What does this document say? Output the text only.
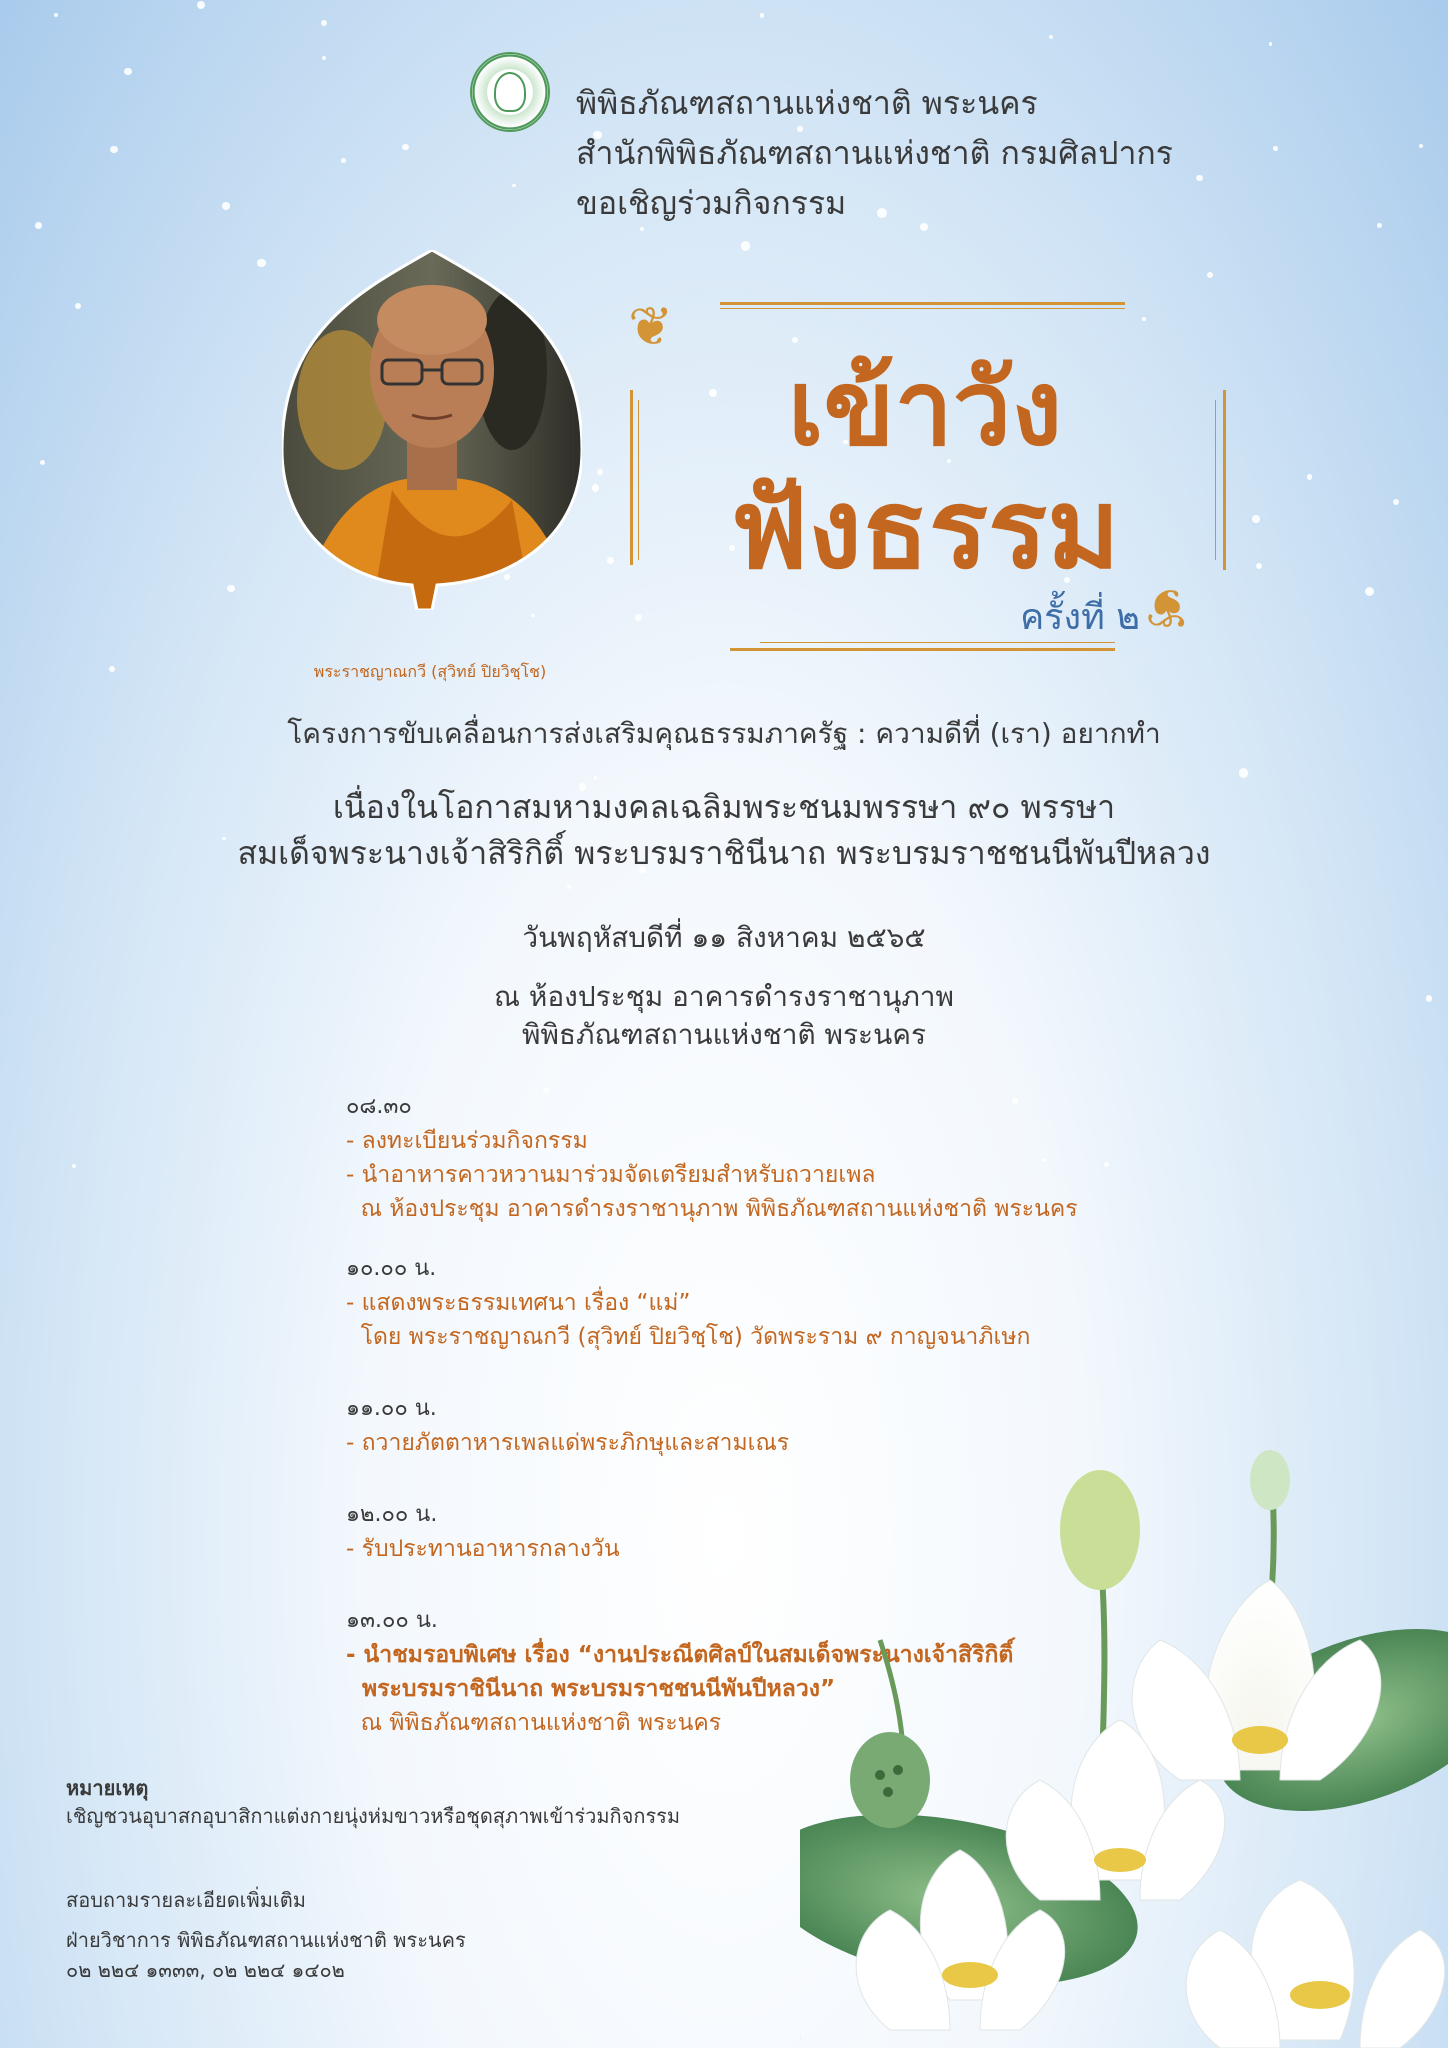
พิพิธภัณฑสถานแห่งชาติ พระนคร
สำนักพิพิธภัณฑสถานแห่งชาติ กรมศิลปากร
ขอเชิญร่วมกิจกรรม
พระราชญาณกวี (สุวิทย์ ปิยวิชฺโช)
❦
❦
เข้าวัง
ฟังธรรม
ครั้งที่ ๒
โครงการขับเคลื่อนการส่งเสริมคุณธรรมภาครัฐ : ความดีที่ (เรา) อยากทำ
เนื่องในโอกาสมหามงคลเฉลิมพระชนมพรรษา ๙๐ พรรษา
สมเด็จพระนางเจ้าสิริกิติ์ พระบรมราชินีนาถ พระบรมราชชนนีพันปีหลวง
วันพฤหัสบดีที่ ๑๑ สิงหาคม ๒๕๖๕
ณ ห้องประชุม อาคารดำรงราชานุภาพ
พิพิธภัณฑสถานแห่งชาติ พระนคร
๐๘.๓๐
- ลงทะเบียนร่วมกิจกรรม
- นำอาหารคาวหวานมาร่วมจัดเตรียมสำหรับถวายเพล
ณ ห้องประชุม อาคารดำรงราชานุภาพ พิพิธภัณฑสถานแห่งชาติ พระนคร
๑๐.๐๐ น.
- แสดงพระธรรมเทศนา เรื่อง “แม่”
โดย พระราชญาณกวี (สุวิทย์ ปิยวิชฺโช) วัดพระราม ๙ กาญจนาภิเษก
๑๑.๐๐ น.
- ถวายภัตตาหารเพลแด่พระภิกษุและสามเณร
๑๒.๐๐ น.
- รับประทานอาหารกลางวัน
๑๓.๐๐ น.
- นำชมรอบพิเศษ เรื่อง “งานประณีตศิลป์ในสมเด็จพระนางเจ้าสิริกิติ์
พระบรมราชินีนาถ พระบรมราชชนนีพันปีหลวง”
ณ พิพิธภัณฑสถานแห่งชาติ พระนคร
หมายเหตุ
เชิญชวนอุบาสกอุบาสิกาแต่งกายนุ่งห่มขาวหรือชุดสุภาพเข้าร่วมกิจกรรม
สอบถามรายละเอียดเพิ่มเติม
ฝ่ายวิชาการ พิพิธภัณฑสถานแห่งชาติ พระนคร
๐๒ ๒๒๔ ๑๓๓๓, ๐๒ ๒๒๔ ๑๔๐๒
